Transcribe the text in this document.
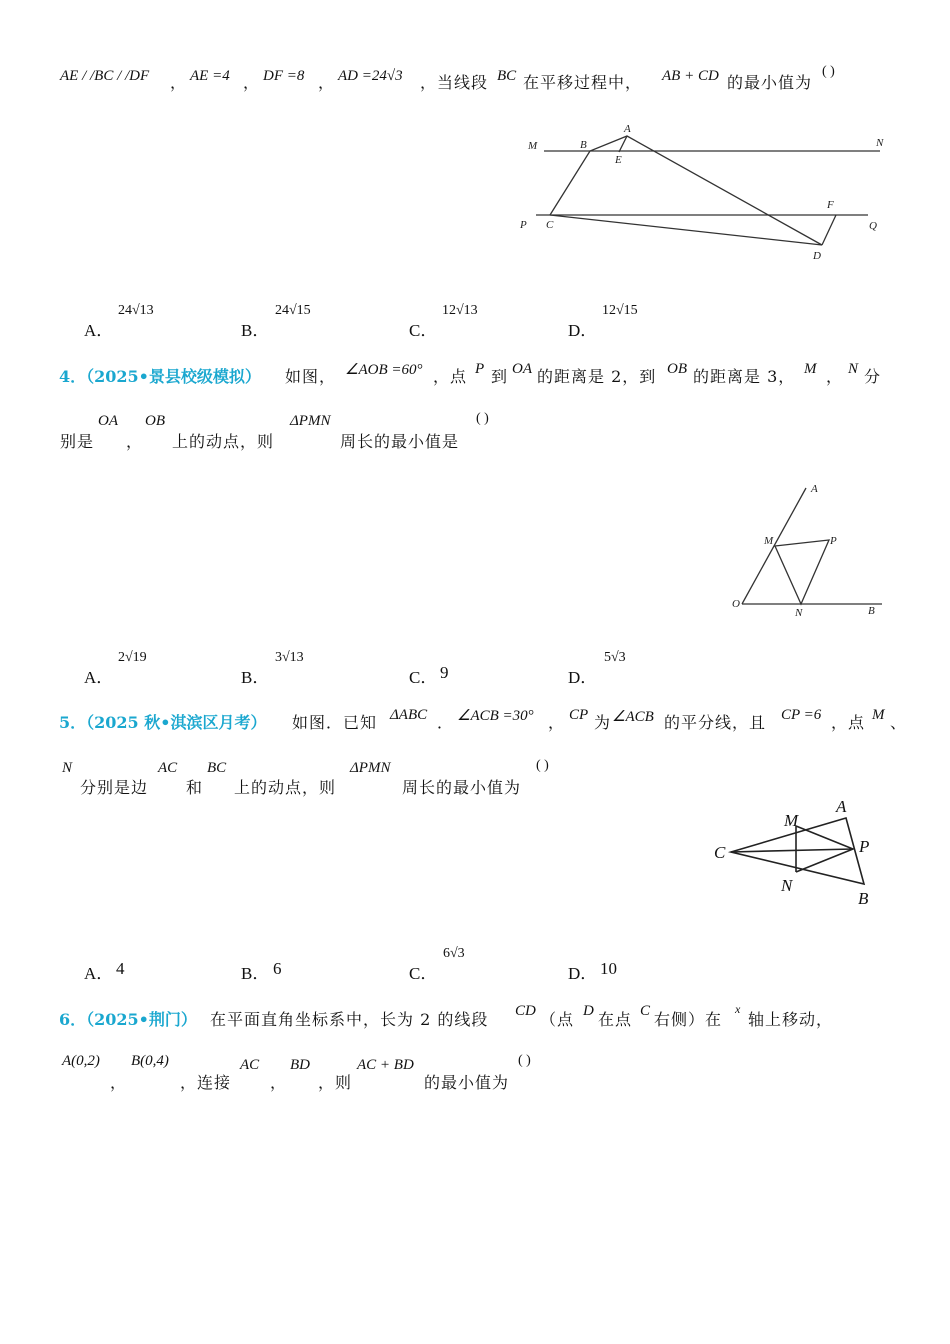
AE / /BC / /DF ， AE =4 ， DF =8 ， AD =24√3 ，当线段 BC 在平移过程中， AB + CD 的最小值为
( )
M	B
A
E
N
P C
F
Q
D
A．
24√13
B．
24√15
C．
12√13
D．
12√15
4．（2025•景县校级模拟） 如图， ∠AOB =60° ，点 P 到 OA 的距离是 2，到 OB 的距离是 3， M ， N 分
别是
OA
，
OB
上的动点，则
ΔPMN
周长的最小值是
( )
A
M	P
O
N	B
A．
2√19
B．
3√13
C． 9	D．
5√3
5．（2025 秋•淇滨区月考） 如图．已知 ΔABC ． ∠ACB =30° ， CP 为 ∠ACB 的平分线，且 CP =6 ，点 M 、
N
分别是边
AC
和
BC
上的动点，则
ΔPMN
周长的最小值为
( )
M
A
C	P
N
B
A． 4	B． 6	C．
6√3
D． 10
6．（2025•荆门） 在平面直角坐标系中，长为 2 的线段 CD （点 D 在点 C 右侧）在
x
轴上移动，
A(0,2)
，
B(0,4)
，连接
AC
，
BD
，则
AC + BD
的最小值为
( )
